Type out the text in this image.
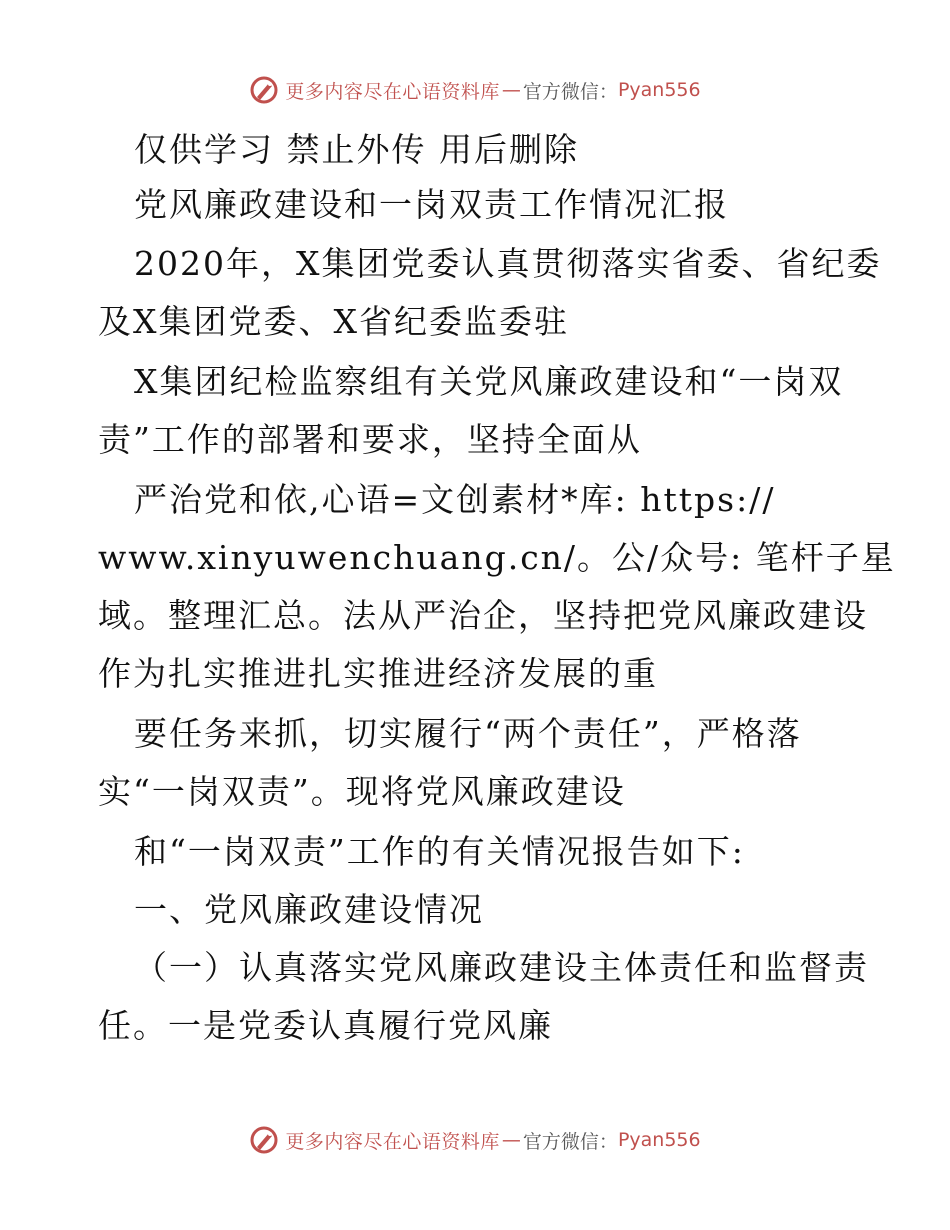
更多内容尽在心语资料库 — 官方微信： Pyan556
仅供学习 禁止外传 用后删除
党风廉政建设和一岗双责工作情况汇报
2020年，X集团党委认真贯彻落实省委、省纪委
及X集团党委、X省纪委监委驻
X集团纪检监察组有关党风廉政建设和“一岗双
责”工作的部署和要求，坚持全面从
严治党和依,心语=文创素材*库: https://
www.xinyuwenchuang.cn/。公/众号: 笔杆子星
域。整理汇总。法从严治企，坚持把党风廉政建设
作为扎实推进扎实推进经济发展的重
要任务来抓，切实履行“两个责任”，严格落
实“一岗双责”。现将党风廉政建设
和“一岗双责”工作的有关情况报告如下:
一、党风廉政建设情况
（一）认真落实党风廉政建设主体责任和监督责
任。一是党委认真履行党风廉
更多内容尽在心语资料库 — 官方微信： Pyan556
